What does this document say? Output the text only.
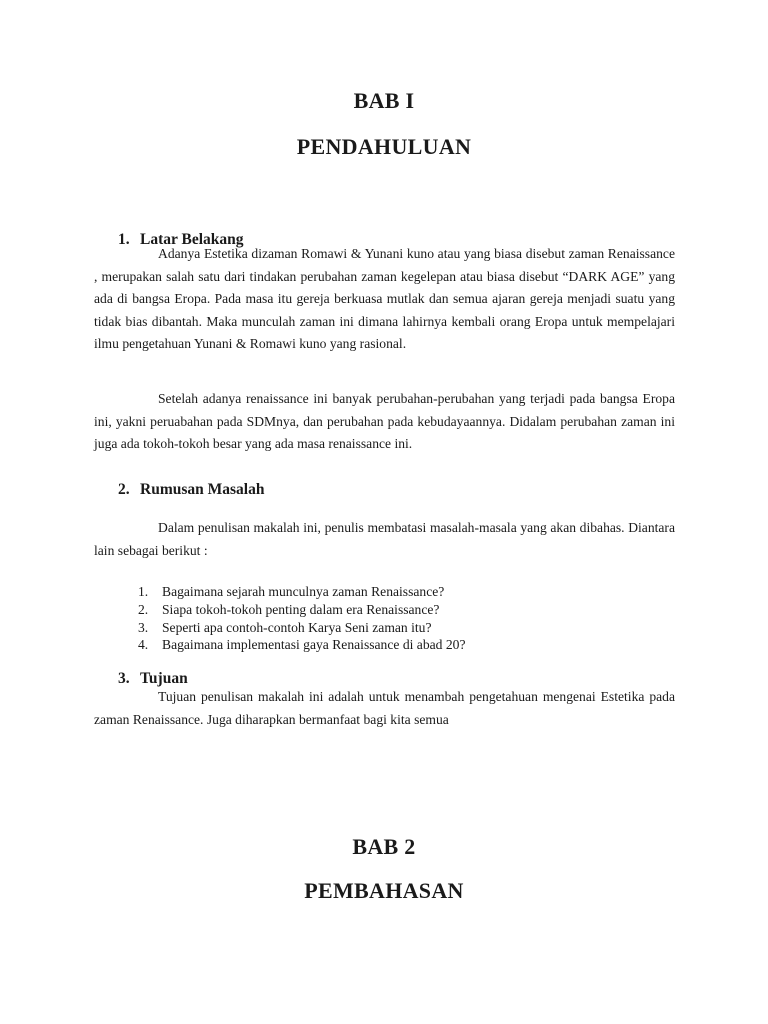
BAB I
PENDAHULUAN
1. Latar Belakang

Adanya Estetika dizaman Romawi & Yunani kuno atau yang biasa disebut zaman Renaissance , merupakan salah satu dari tindakan perubahan zaman kegelepan atau biasa disebut “DARK AGE” yang ada di bangsa Eropa. Pada masa itu gereja berkuasa mutlak dan semua ajaran gereja menjadi suatu yang tidak bias dibantah. Maka munculah zaman ini dimana lahirnya kembali orang Eropa untuk mempelajari ilmu pengetahuan Yunani & Romawi kuno yang rasional.

Setelah adanya renaissance ini banyak perubahan-perubahan yang terjadi pada bangsa Eropa ini, yakni peruabahan pada SDMnya, dan perubahan pada kebudayaannya. Didalam perubahan zaman ini juga ada tokoh-tokoh besar yang ada masa renaissance ini.

2. Rumusan Masalah

Dalam penulisan makalah ini, penulis membatasi masalah-masala yang akan dibahas. Diantara lain sebagai berikut :

1. Bagaimana sejarah munculnya zaman Renaissance?
2. Siapa tokoh-tokoh penting dalam era Renaissance?
3. Seperti apa contoh-contoh Karya Seni zaman itu?
4. Bagaimana implementasi gaya Renaissance di abad 20?
3. Tujuan

Tujuan penulisan makalah ini adalah untuk menambah pengetahuan mengenai Estetika pada zaman Renaissance. Juga diharapkan bermanfaat bagi kita semua

BAB 2
PEMBAHASAN
